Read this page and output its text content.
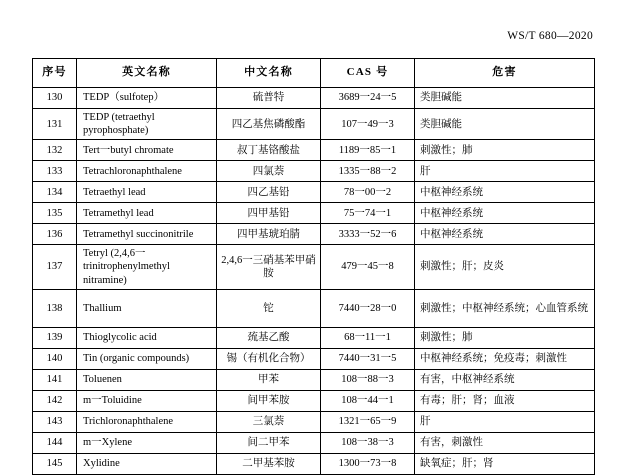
WS/T 680—2020
序号	英文名称	中文名称	CAS 号	危害
130	TEDP（sulfotep）	硫普特	3689一24一5	类胆碱能
131	TEDP (tetraethyl pyrophosphate)	四乙基焦磷酸酯	107一49一3	类胆碱能
132	Tert一butyl chromate	叔丁基铬酸盐	1189一85一1	刺激性；肺
133	Tetrachloronaphthalene	四氯萘	1335一88一2	肝
134	Tetraethyl lead	四乙基铅	78一00一2	中枢神经系统
135	Tetramethyl lead	四甲基铅	75一74一1	中枢神经系统
136	Tetramethyl succinonitrile	四甲基琥珀腈	3333一52一6	中枢神经系统
137	Tetryl (2,4,6一 trinitrophenylmethyl nitramine)	2,4,6一三硝基苯甲硝胺	479一45一8	刺激性；肝；皮炎
138	Thallium	铊	7440一28一0	刺激性；中枢神经系统；心血管系统
139	Thioglycolic acid	巯基乙酸	68一11一1	刺激性；肺
140	Tin (organic compounds)	锡（有机化合物）	7440一31一5	中枢神经系统；免疫毒；刺激性
141	Toluenen	甲苯	108一88一3	有害，中枢神经系统
142	m一Toluidine	间甲苯胺	108一44一1	有毒；肝；肾；血液
143	Trichloronaphthalene	三氯萘	1321一65一9	肝
144	m一Xylene	间二甲苯	108一38一3	有害，刺激性
145	Xylidine	二甲基苯胺	1300一73一8	缺氧症；肝；肾
